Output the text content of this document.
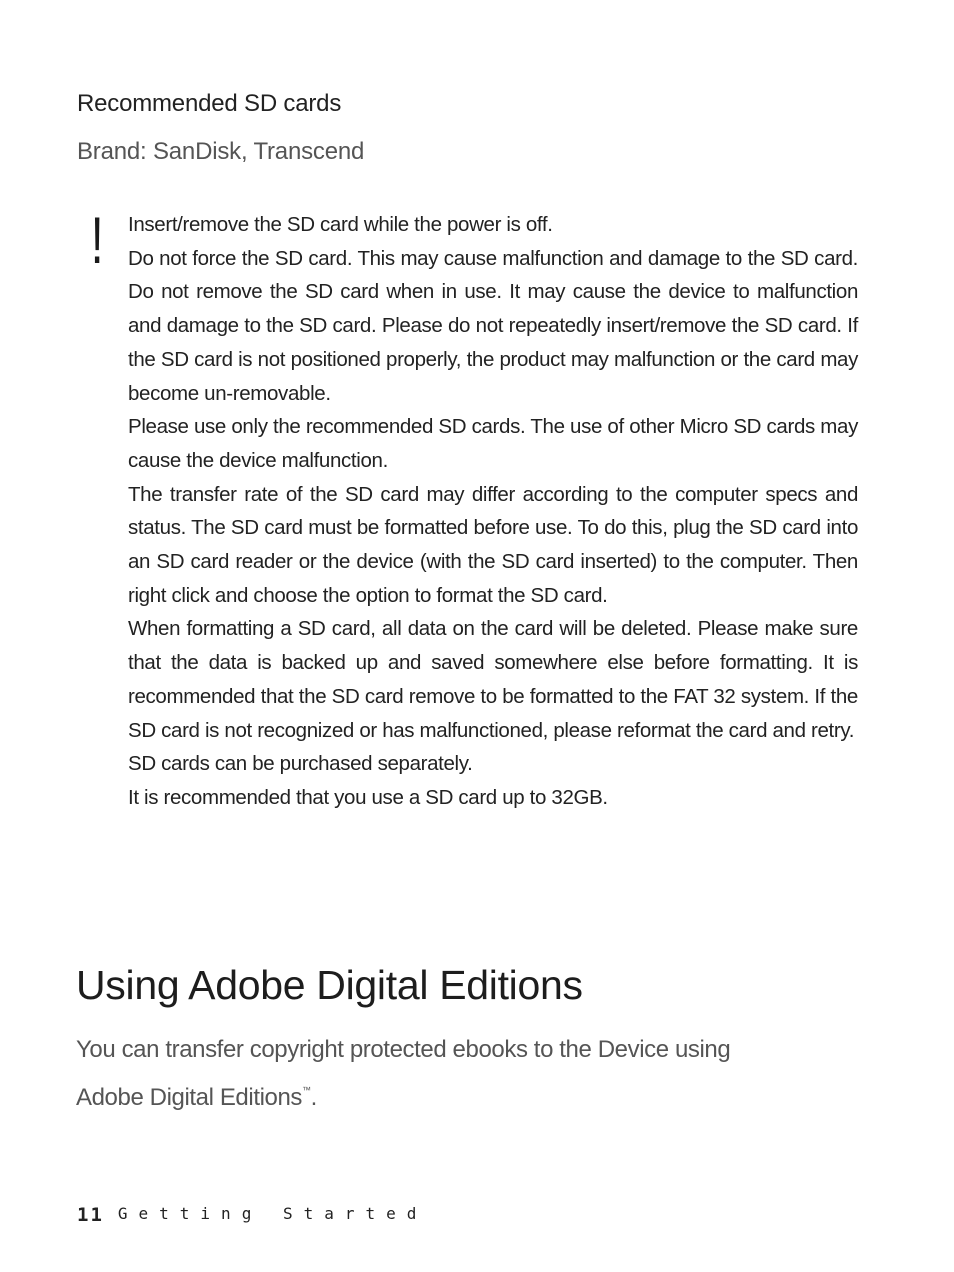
Recommended SD cards

Brand: SanDisk, Transcend

! Insert/remove the SD card while the power is off.

Do not force the SD card. This may cause malfunction and damage to the SD card. Do not remove the SD card when in use. It may cause the device to malfunction and damage to the SD card. Please do not repeatedly insert/remove the SD card. If the SD card is not positioned properly, the product may malfunction or the card may become un-removable.

Please use only the recommended SD cards. The use of other Micro SD cards may cause the device malfunction.

The transfer rate of the SD card may differ according to the computer specs and status. The SD card must be formatted before use. To do this, plug the SD card into an SD card reader or the device (with the SD card inserted) to the computer. Then right click and choose the option to format the SD card.

When formatting a SD card, all data on the card will be deleted. Please make sure that the data is backed up and saved somewhere else before formatting. It is recommended that the SD card remove to be formatted to the FAT 32 system. If the SD card is not recognized or has malfunctioned, please reformat the card and retry.

SD cards can be purchased separately.

It is recommended that you use a SD card up to 32GB.

Using Adobe Digital Editions

You can transfer copyright protected ebooks to the Device using
Adobe Digital Editions™.

11 Getting Started
